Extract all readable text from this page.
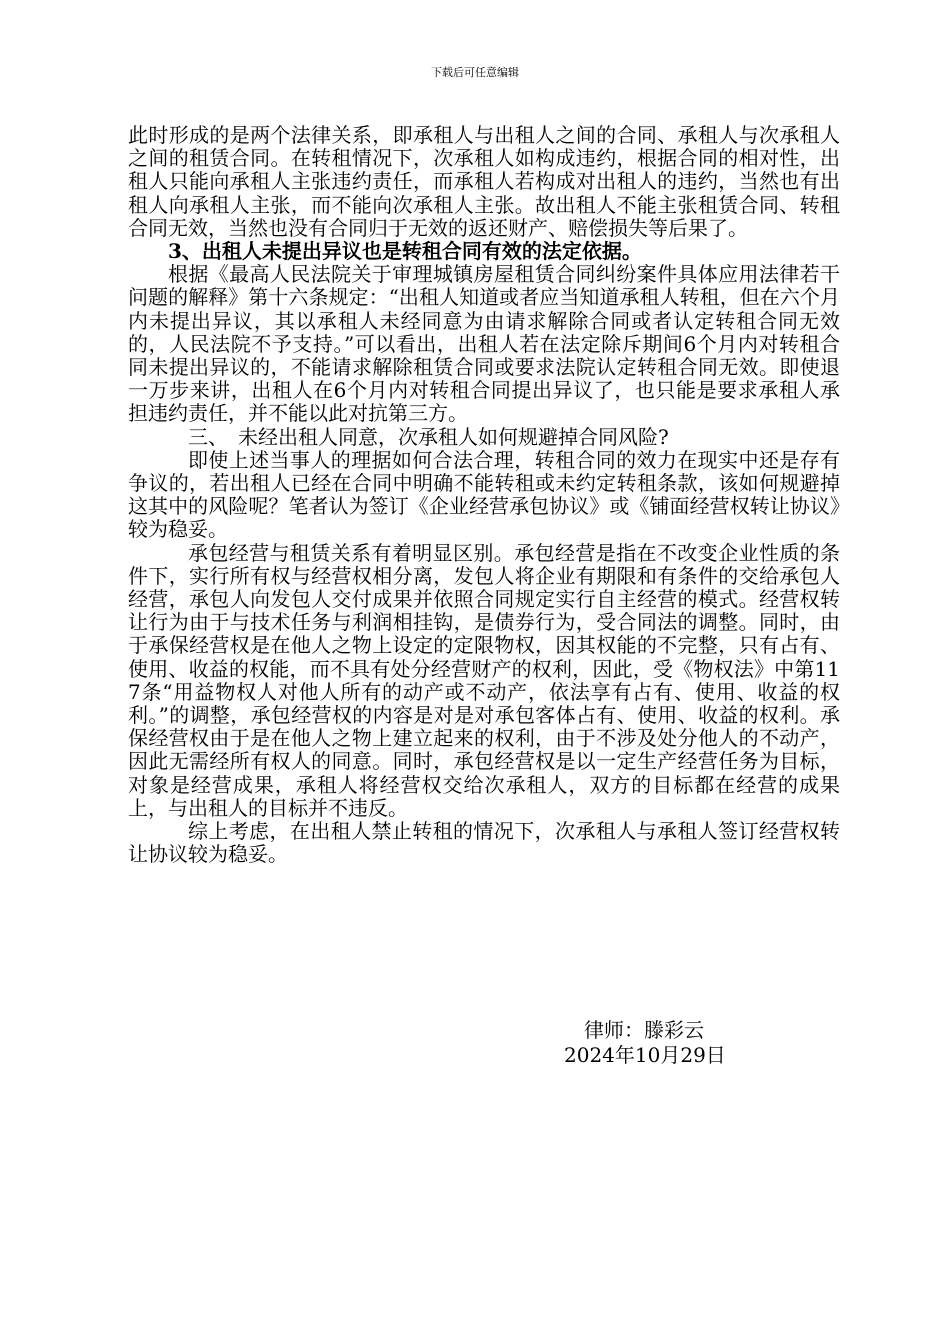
下载后可任意编辑

此时形成的是两个法律关系，即承租人与出租人之间的合同、承租人与次承租人之间的租赁合同。在转租情况下，次承租人如构成违约，根据合同的相对性，出租人只能向承租人主张违约责任，而承租人若构成对出租人的违约，当然也有出租人向承租人主张，而不能向次承租人主张。故出租人不能主张租赁合同、转租合同无效，当然也没有合同归于无效的返还财产、赔偿损失等后果了。

3、出租人未提出异议也是转租合同有效的法定依据。

根据《最高人民法院关于审理城镇房屋租赁合同纠纷案件具体应用法律若干问题的解释》第十六条规定：“出租人知道或者应当知道承租人转租，但在六个月内未提出异议，其以承租人未经同意为由请求解除合同或者认定转租合同无效的，人民法院不予支持。”可以看出，出租人若在法定除斥期间6个月内对转租合同未提出异议的，不能请求解除租赁合同或要求法院认定转租合同无效。即使退一万步来讲，出租人在6个月内对转租合同提出异议了，也只能是要求承租人承担违约责任，并不能以此对抗第三方。

三、　未经出租人同意，次承租人如何规避掉合同风险?

即使上述当事人的理据如何合法合理，转租合同的效力在现实中还是存有争议的，若出租人已经在合同中明确不能转租或未约定转租条款，该如何规避掉这其中的风险呢？笔者认为签订《企业经营承包协议》或《铺面经营权转让协议》较为稳妥。

承包经营与租赁关系有着明显区别。承包经营是指在不改变企业性质的条件下，实行所有权与经营权相分离，发包人将企业有期限和有条件的交给承包人经营，承包人向发包人交付成果并依照合同规定实行自主经营的模式。经营权转让行为由于与技术任务与利润相挂钩，是债券行为，受合同法的调整。同时，由于承保经营权是在他人之物上设定的定限物权，因其权能的不完整，只有占有、使用、收益的权能，而不具有处分经营财产的权利，因此，受《物权法》中第117条“用益物权人对他人所有的动产或不动产，依法享有占有、使用、收益的权利。”的调整，承包经营权的内容是对是对承包客体占有、使用、收益的权利。承保经营权由于是在他人之物上建立起来的权利，由于不涉及处分他人的不动产，因此无需经所有权人的同意。同时，承包经营权是以一定生产经营任务为目标，对象是经营成果，承租人将经营权交给次承租人，双方的目标都在经营的成果上，与出租人的目标并不违反。

综上考虑，在出租人禁止转租的情况下，次承租人与承租人签订经营权转让协议较为稳妥。

律师：滕彩云
2024年10月29日
